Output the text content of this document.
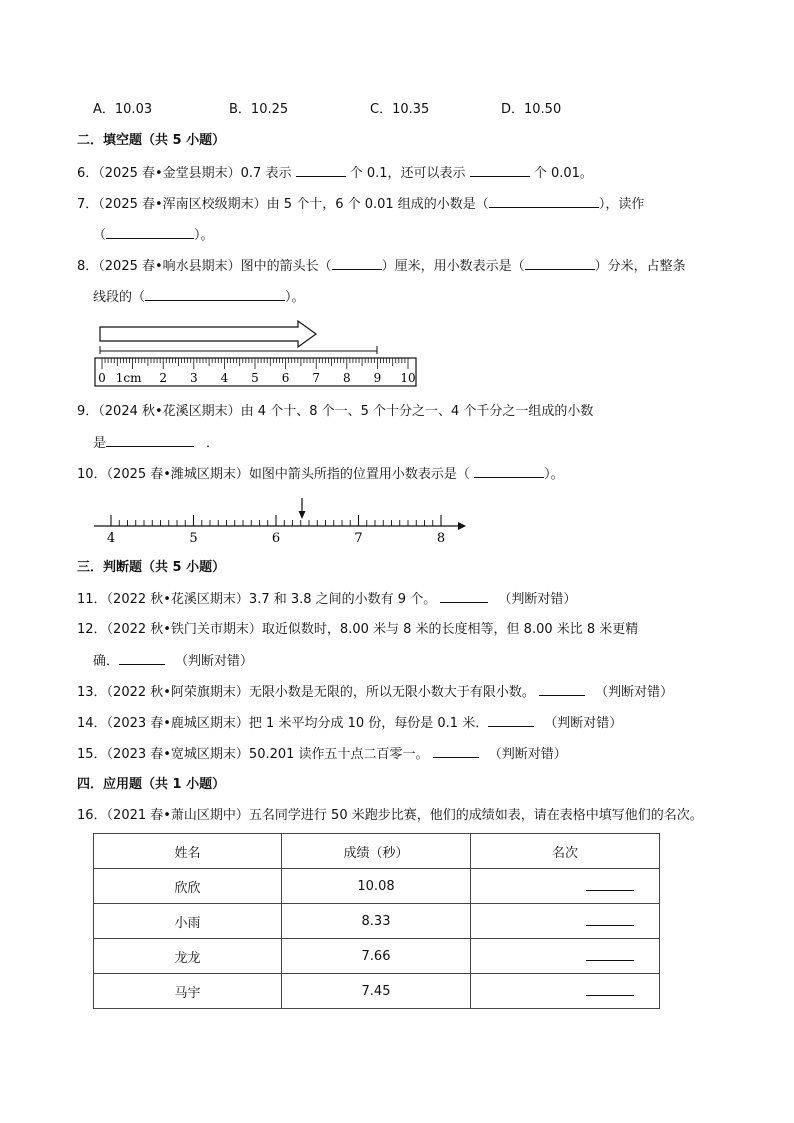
A．10.03	B．10.25	C．10.35	D．10.50
二．填空题（共 5 小题）
6．（2025 春•金堂县期末）0.7 表示	个 0.1，还可以表示	个 0.01。
7．（2025 春•浑南区校级期末）由 5 个十，6 个 0.01 组成的小数是（	），读作
（	）。
8．（2025 春•响水县期末）图中的箭头长（	）厘米，用小数表示是（	）分米，占整条
线段的（	）。
0 1cm 2 3 4 5 6 7 8 9 10
9．（2024 秋•花溪区期末）由 4 个十、8 个一、5 个十分之一、4 个千分之一组成的小数
是	．
10．（2025 春•潍城区期末）如图中箭头所指的位置用小数表示是（	）。
4	5	6	7	8
三．判断题（共 5 小题）
11．（2022 秋•花溪区期末）3.7 和 3.8 之间的小数有 9 个。	（判断对错）
12．（2022 秋•铁门关市期末）取近似数时，8.00 米与 8 米的长度相等，但 8.00 米比 8 米更精
确．	（判断对错）
13．（2022 秋•阿荣旗期末）无限小数是无限的，所以无限小数大于有限小数。	（判断对错）
14．（2023 春•鹿城区期末）把 1 米平均分成 10 份，每份是 0.1 米．	（判断对错）
15．（2023 春•宽城区期末）50.201 读作五十点二百零一。	（判断对错）
四．应用题（共 1 小题）
16．（2021 春•萧山区期中）五名同学进行 50 米跑步比赛，他们的成绩如表，请在表格中填写他们的名次。
姓名	成绩（秒）	名次
欣欣	10.08	
小雨	8.33	
龙龙	7.66	
马宇	7.45	
